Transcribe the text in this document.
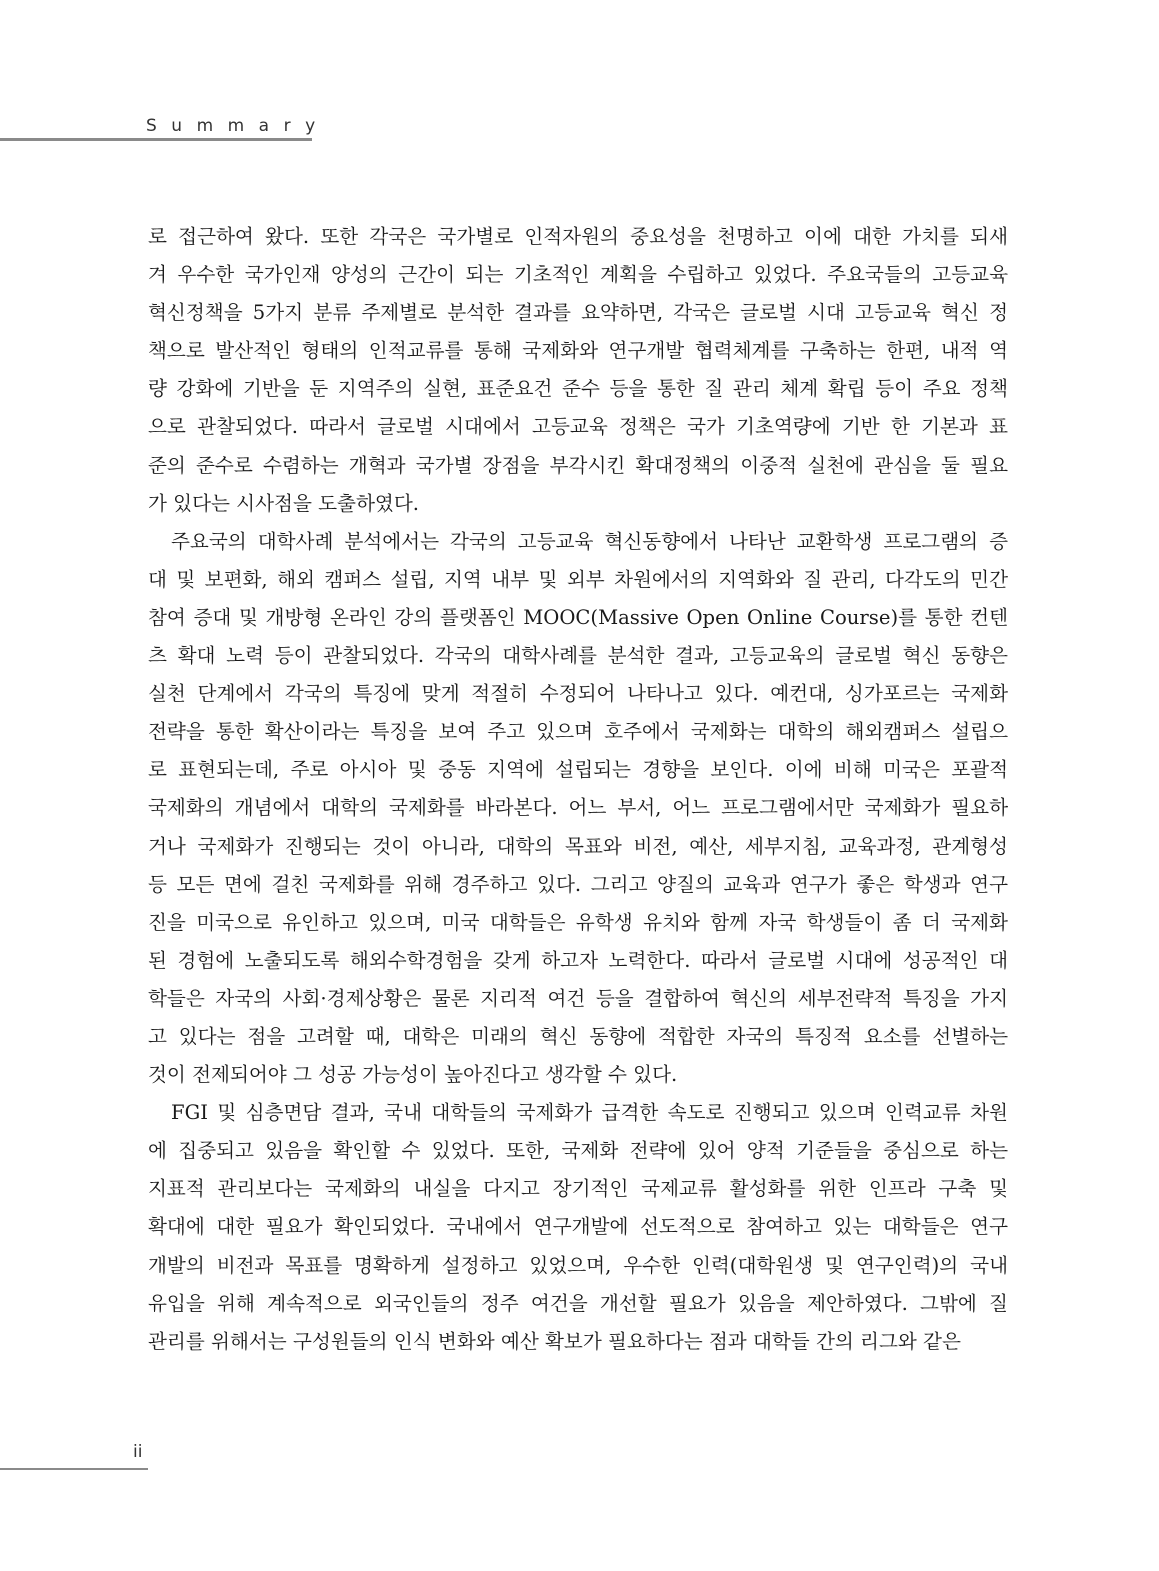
Summary
로 접근하여 왔다. 또한 각국은 국가별로 인적자원의 중요성을 천명하고 이에 대한 가치를 되새
겨 우수한 국가인재 양성의 근간이 되는 기초적인 계획을 수립하고 있었다. 주요국들의 고등교육
혁신정책을 5가지 분류 주제별로 분석한 결과를 요약하면, 각국은 글로벌 시대 고등교육 혁신 정
책으로 발산적인 형태의 인적교류를 통해 국제화와 연구개발 협력체계를 구축하는 한편, 내적 역
량 강화에 기반을 둔 지역주의 실현, 표준요건 준수 등을 통한 질 관리 체계 확립 등이 주요 정책
으로 관찰되었다. 따라서 글로벌 시대에서 고등교육 정책은 국가 기초역량에 기반 한 기본과 표
준의 준수로 수렴하는 개혁과 국가별 장점을 부각시킨 확대정책의 이중적 실천에 관심을 둘 필요
가 있다는 시사점을 도출하였다.
주요국의 대학사례 분석에서는 각국의 고등교육 혁신동향에서 나타난 교환학생 프로그램의 증
대 및 보편화, 해외 캠퍼스 설립, 지역 내부 및 외부 차원에서의 지역화와 질 관리, 다각도의 민간
참여 증대 및 개방형 온라인 강의 플랫폼인 MOOC(Massive Open Online Course)를 통한 컨텐
츠 확대 노력 등이 관찰되었다. 각국의 대학사례를 분석한 결과, 고등교육의 글로벌 혁신 동향은
실천 단계에서 각국의 특징에 맞게 적절히 수정되어 나타나고 있다. 예컨대, 싱가포르는 국제화
전략을 통한 확산이라는 특징을 보여 주고 있으며 호주에서 국제화는 대학의 해외캠퍼스 설립으
로 표현되는데, 주로 아시아 및 중동 지역에 설립되는 경향을 보인다. 이에 비해 미국은 포괄적
국제화의 개념에서 대학의 국제화를 바라본다. 어느 부서, 어느 프로그램에서만 국제화가 필요하
거나 국제화가 진행되는 것이 아니라, 대학의 목표와 비전, 예산, 세부지침, 교육과정, 관계형성
등 모든 면에 걸친 국제화를 위해 경주하고 있다. 그리고 양질의 교육과 연구가 좋은 학생과 연구
진을 미국으로 유인하고 있으며, 미국 대학들은 유학생 유치와 함께 자국 학생들이 좀 더 국제화
된 경험에 노출되도록 해외수학경험을 갖게 하고자 노력한다. 따라서 글로벌 시대에 성공적인 대
학들은 자국의 사회·경제상황은 물론 지리적 여건 등을 결합하여 혁신의 세부전략적 특징을 가지
고 있다는 점을 고려할 때, 대학은 미래의 혁신 동향에 적합한 자국의 특징적 요소를 선별하는
것이 전제되어야 그 성공 가능성이 높아진다고 생각할 수 있다.
FGI 및 심층면담 결과, 국내 대학들의 국제화가 급격한 속도로 진행되고 있으며 인력교류 차원
에 집중되고 있음을 확인할 수 있었다. 또한, 국제화 전략에 있어 양적 기준들을 중심으로 하는
지표적 관리보다는 국제화의 내실을 다지고 장기적인 국제교류 활성화를 위한 인프라 구축 및
확대에 대한 필요가 확인되었다. 국내에서 연구개발에 선도적으로 참여하고 있는 대학들은 연구
개발의 비전과 목표를 명확하게 설정하고 있었으며, 우수한 인력(대학원생 및 연구인력)의 국내
유입을 위해 계속적으로 외국인들의 정주 여건을 개선할 필요가 있음을 제안하였다. 그밖에 질
관리를 위해서는 구성원들의 인식 변화와 예산 확보가 필요하다는 점과 대학들 간의 리그와 같은
ii
